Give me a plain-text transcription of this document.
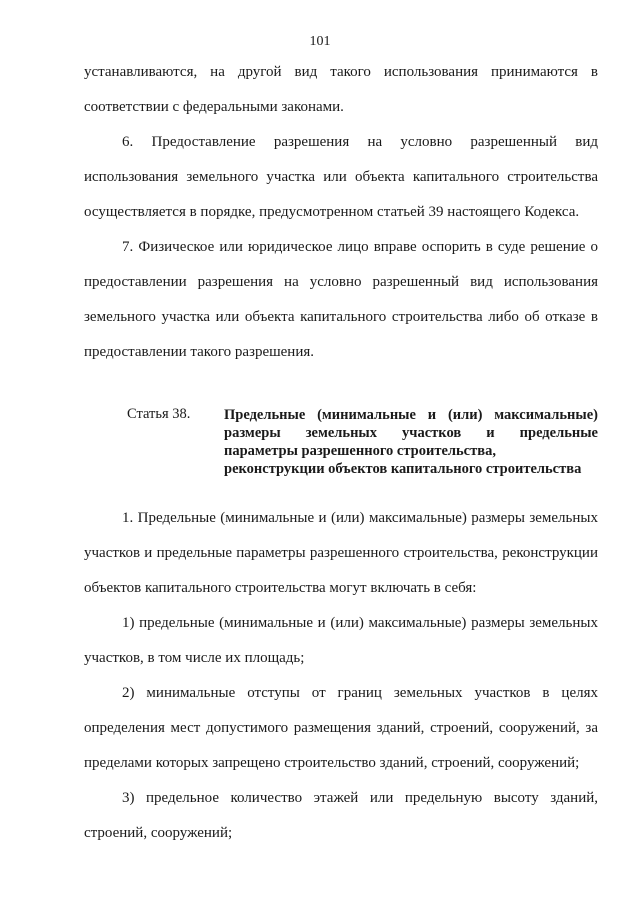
101

устанавливаются, на другой вид такого использования принимаются в соответствии с федеральными законами.

6. Предоставление разрешения на условно разрешенный вид использования земельного участка или объекта капитального строительства осуществляется в порядке, предусмотренном статьей 39 настоящего Кодекса.

7. Физическое или юридическое лицо вправе оспорить в суде решение о предоставлении разрешения на условно разрешенный вид использования земельного участка или объекта капитального строительства либо об отказе в предоставлении такого разрешения.

Статья 38.	Предельные (минимальные и (или) максимальные)
размеры земельных участков и предельные
параметры разрешенного строительства,
реконструкции объектов капитального строительства

1. Предельные (минимальные и (или) максимальные) размеры земельных участков и предельные параметры разрешенного строительства, реконструкции объектов капитального строительства могут включать в себя:

1) предельные (минимальные и (или) максимальные) размеры земельных участков, в том числе их площадь;

2) минимальные отступы от границ земельных участков в целях определения мест допустимого размещения зданий, строений, сооружений, за пределами которых запрещено строительство зданий, строений, сооружений;

3) предельное количество этажей или предельную высоту зданий, строений, сооружений;
